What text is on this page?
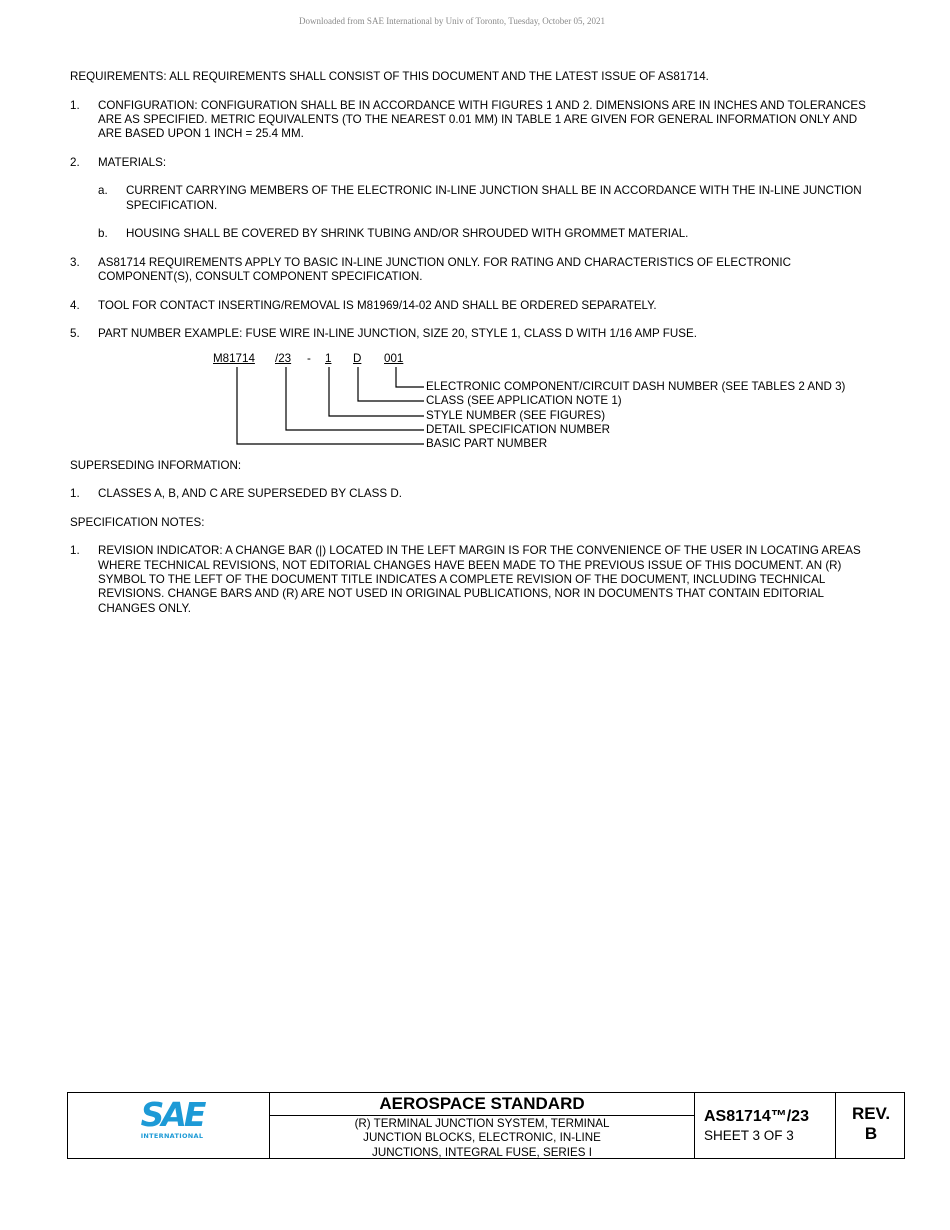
Downloaded from SAE International by Univ of Toronto, Tuesday, October 05, 2021

REQUIREMENTS: ALL REQUIREMENTS SHALL CONSIST OF THIS DOCUMENT AND THE LATEST ISSUE OF AS81714.

1. CONFIGURATION: CONFIGURATION SHALL BE IN ACCORDANCE WITH FIGURES 1 AND 2. DIMENSIONS ARE IN INCHES AND TOLERANCES ARE AS SPECIFIED. METRIC EQUIVALENTS (TO THE NEAREST 0.01 MM) IN TABLE 1 ARE GIVEN FOR GENERAL INFORMATION ONLY AND ARE BASED UPON 1 INCH = 25.4 MM.
2. MATERIALS:
a. CURRENT CARRYING MEMBERS OF THE ELECTRONIC IN-LINE JUNCTION SHALL BE IN ACCORDANCE WITH THE IN-LINE JUNCTION SPECIFICATION.
b. HOUSING SHALL BE COVERED BY SHRINK TUBING AND/OR SHROUDED WITH GROMMET MATERIAL.
3. AS81714 REQUIREMENTS APPLY TO BASIC IN-LINE JUNCTION ONLY. FOR RATING AND CHARACTERISTICS OF ELECTRONIC COMPONENT(S), CONSULT COMPONENT SPECIFICATION.
4. TOOL FOR CONTACT INSERTING/REMOVAL IS M81969/14-02 AND SHALL BE ORDERED SEPARATELY.
5. PART NUMBER EXAMPLE: FUSE WIRE IN-LINE JUNCTION, SIZE 20, STYLE 1, CLASS D WITH 1/16 AMP FUSE.
M81714 /23 - 1 D 001
ELECTRONIC COMPONENT/CIRCUIT DASH NUMBER (SEE TABLES 2 AND 3)
CLASS (SEE APPLICATION NOTE 1)
STYLE NUMBER (SEE FIGURES)
DETAIL SPECIFICATION NUMBER
BASIC PART NUMBER

SUPERSEDING INFORMATION:

1. CLASSES A, B, AND C ARE SUPERSEDED BY CLASS D.

SPECIFICATION NOTES:

1. REVISION INDICATOR: A CHANGE BAR (|) LOCATED IN THE LEFT MARGIN IS FOR THE CONVENIENCE OF THE USER IN LOCATING AREAS WHERE TECHNICAL REVISIONS, NOT EDITORIAL CHANGES HAVE BEEN MADE TO THE PREVIOUS ISSUE OF THIS DOCUMENT. AN (R) SYMBOL TO THE LEFT OF THE DOCUMENT TITLE INDICATES A COMPLETE REVISION OF THE DOCUMENT, INCLUDING TECHNICAL REVISIONS. CHANGE BARS AND (R) ARE NOT USED IN ORIGINAL PUBLICATIONS, NOR IN DOCUMENTS THAT CONTAIN EDITORIAL CHANGES ONLY.
SAE
INTERNATIONAL
AEROSPACE STANDARD
(R) TERMINAL JUNCTION SYSTEM, TERMINAL
JUNCTION BLOCKS, ELECTRONIC, IN-LINE
JUNCTIONS, INTEGRAL FUSE, SERIES I
AS81714™/23
SHEET 3 OF 3
REV.
B
